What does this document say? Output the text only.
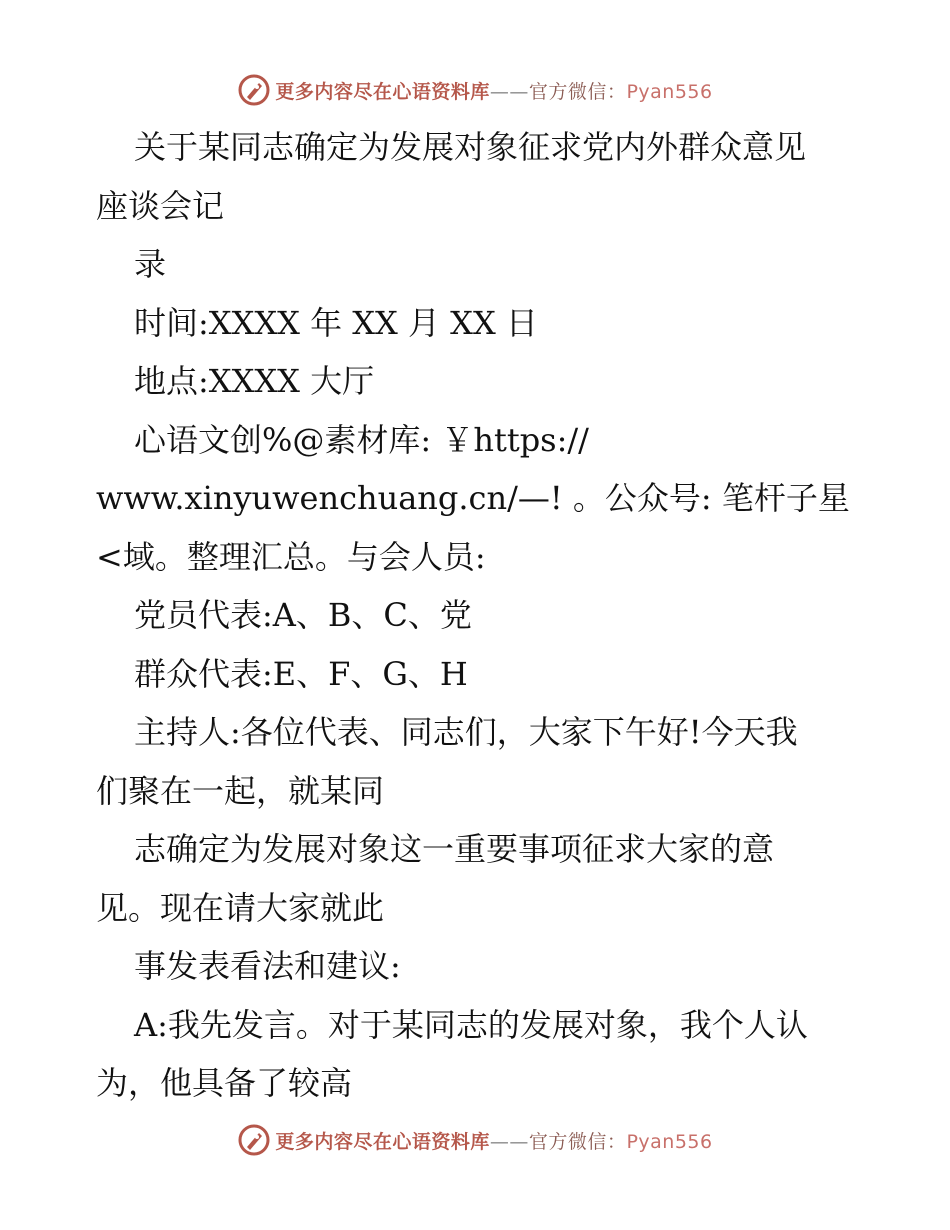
更多内容尽在心语资料库——官方微信：Pyan556
关于某同志确定为发展对象征求党内外群众意见
座谈会记
录
时间:XXXX 年 XX 月 XX 日
地点:XXXX 大厅
心语文创%@素材库: ￥https://
www.xinyuwenchuang.cn/—! 。公众号: 笔杆子星
<域。整理汇总。与会人员:
党员代表:A、B、C、党
群众代表:E、F、G、H
主持人:各位代表、同志们，大家下午好!今天我
们聚在一起，就某同
志确定为发展对象这一重要事项征求大家的意
见。现在请大家就此
事发表看法和建议:
A:我先发言。对于某同志的发展对象，我个人认
为，他具备了较高
更多内容尽在心语资料库——官方微信：Pyan556
